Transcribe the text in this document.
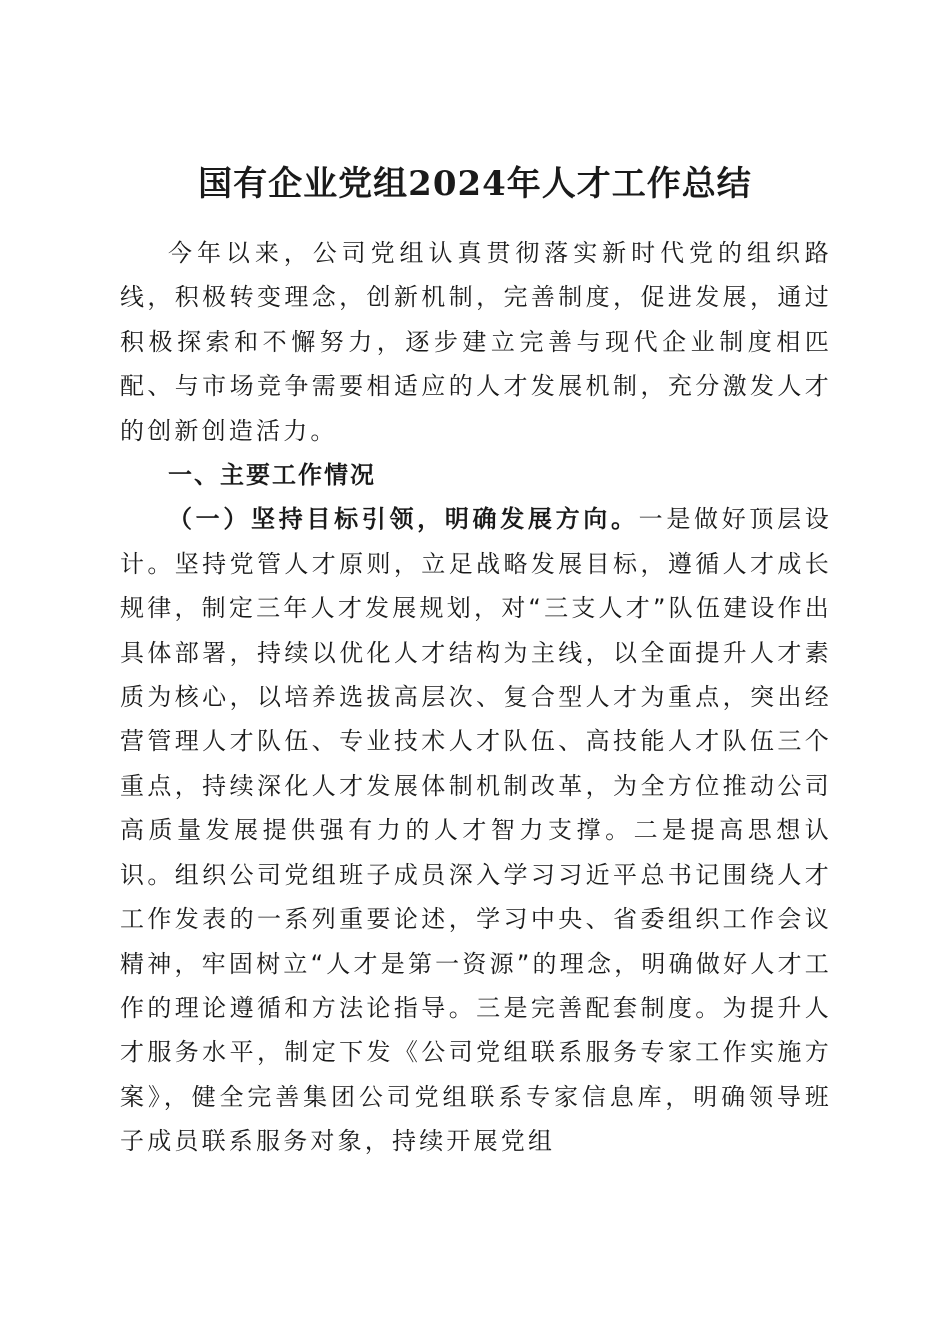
国有企业党组2024年人才工作总结

今年以来，公司党组认真贯彻落实新时代党的组织路线，积极转变理念，创新机制，完善制度，促进发展，通过积极探索和不懈努力，逐步建立完善与现代企业制度相匹配、与市场竞争需要相适应的人才发展机制，充分激发人才的创新创造活力。

一、主要工作情况

（一）坚持目标引领，明确发展方向。一是做好顶层设计。坚持党管人才原则，立足战略发展目标，遵循人才成长规律，制定三年人才发展规划，对“三支人才”队伍建设作出具体部署，持续以优化人才结构为主线，以全面提升人才素质为核心，以培养选拔高层次、复合型人才为重点，突出经营管理人才队伍、专业技术人才队伍、高技能人才队伍三个重点，持续深化人才发展体制机制改革，为全方位推动公司高质量发展提供强有力的人才智力支撑。二是提高思想认识。组织公司党组班子成员深入学习习近平总书记围绕人才工作发表的一系列重要论述，学习中央、省委组织工作会议精神，牢固树立“人才是第一资源”的理念，明确做好人才工作的理论遵循和方法论指导。三是完善配套制度。为提升人才服务水平，制定下发《公司党组联系服务专家工作实施方案》，健全完善集团公司党组联系专家信息库，明确领导班子成员联系服务对象，持续开展党组
